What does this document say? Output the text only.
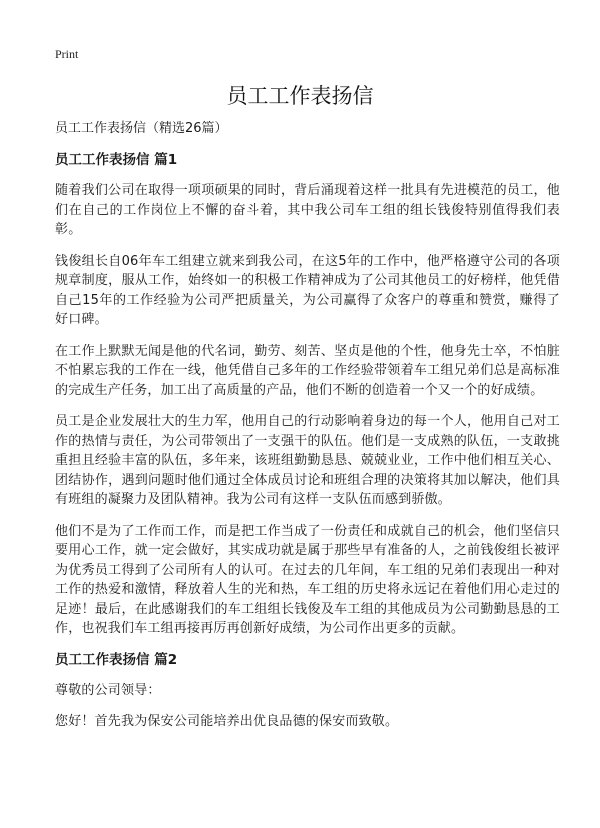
Print
员工工作表扬信

员工工作表扬信（精选26篇）

员工工作表扬信 篇1

随着我们公司在取得一项项硕果的同时，背后涌现着这样一批具有先进模范的员工，他们在自己的工作岗位上不懈的奋斗着，其中我公司车工组的组长钱俊特别值得我们表彰。

钱俊组长自06年车工组建立就来到我公司，在这5年的工作中，他严格遵守公司的各项规章制度，服从工作，始终如一的积极工作精神成为了公司其他员工的好榜样，他凭借自己15年的工作经验为公司严把质量关，为公司赢得了众客户的尊重和赞赏，赚得了好口碑。

在工作上默默无闻是他的代名词，勤劳、刻苦、坚贞是他的个性，他身先士卒，不怕脏不怕累忘我的工作在一线，他凭借自己多年的工作经验带领着车工组兄弟们总是高标准的完成生产任务，加工出了高质量的产品，他们不断的创造着一个又一个的好成绩。

员工是企业发展壮大的生力军，他用自己的行动影响着身边的每一个人，他用自己对工作的热情与责任，为公司带领出了一支强干的队伍。他们是一支成熟的队伍，一支敢挑重担且经验丰富的队伍，多年来，该班组勤勤恳恳、兢兢业业，工作中他们相互关心、团结协作，遇到问题时他们通过全体成员讨论和班组合理的决策将其加以解决，他们具有班组的凝聚力及团队精神。我为公司有这样一支队伍而感到骄傲。

他们不是为了工作而工作，而是把工作当成了一份责任和成就自己的机会，他们坚信只要用心工作，就一定会做好，其实成功就是属于那些早有准备的人，之前钱俊组长被评为优秀员工得到了公司所有人的认可。在过去的几年间，车工组的兄弟们表现出一种对工作的热爱和激情，释放着人生的光和热，车工组的历史将永远记在着他们用心走过的足迹！最后，在此感谢我们的车工组组长钱俊及车工组的其他成员为公司勤勤恳恳的工作，也祝我们车工组再接再厉再创新好成绩，为公司作出更多的贡献。

员工工作表扬信 篇2

尊敬的公司领导：

您好！首先我为保安公司能培养出优良品德的保安而致敬。
